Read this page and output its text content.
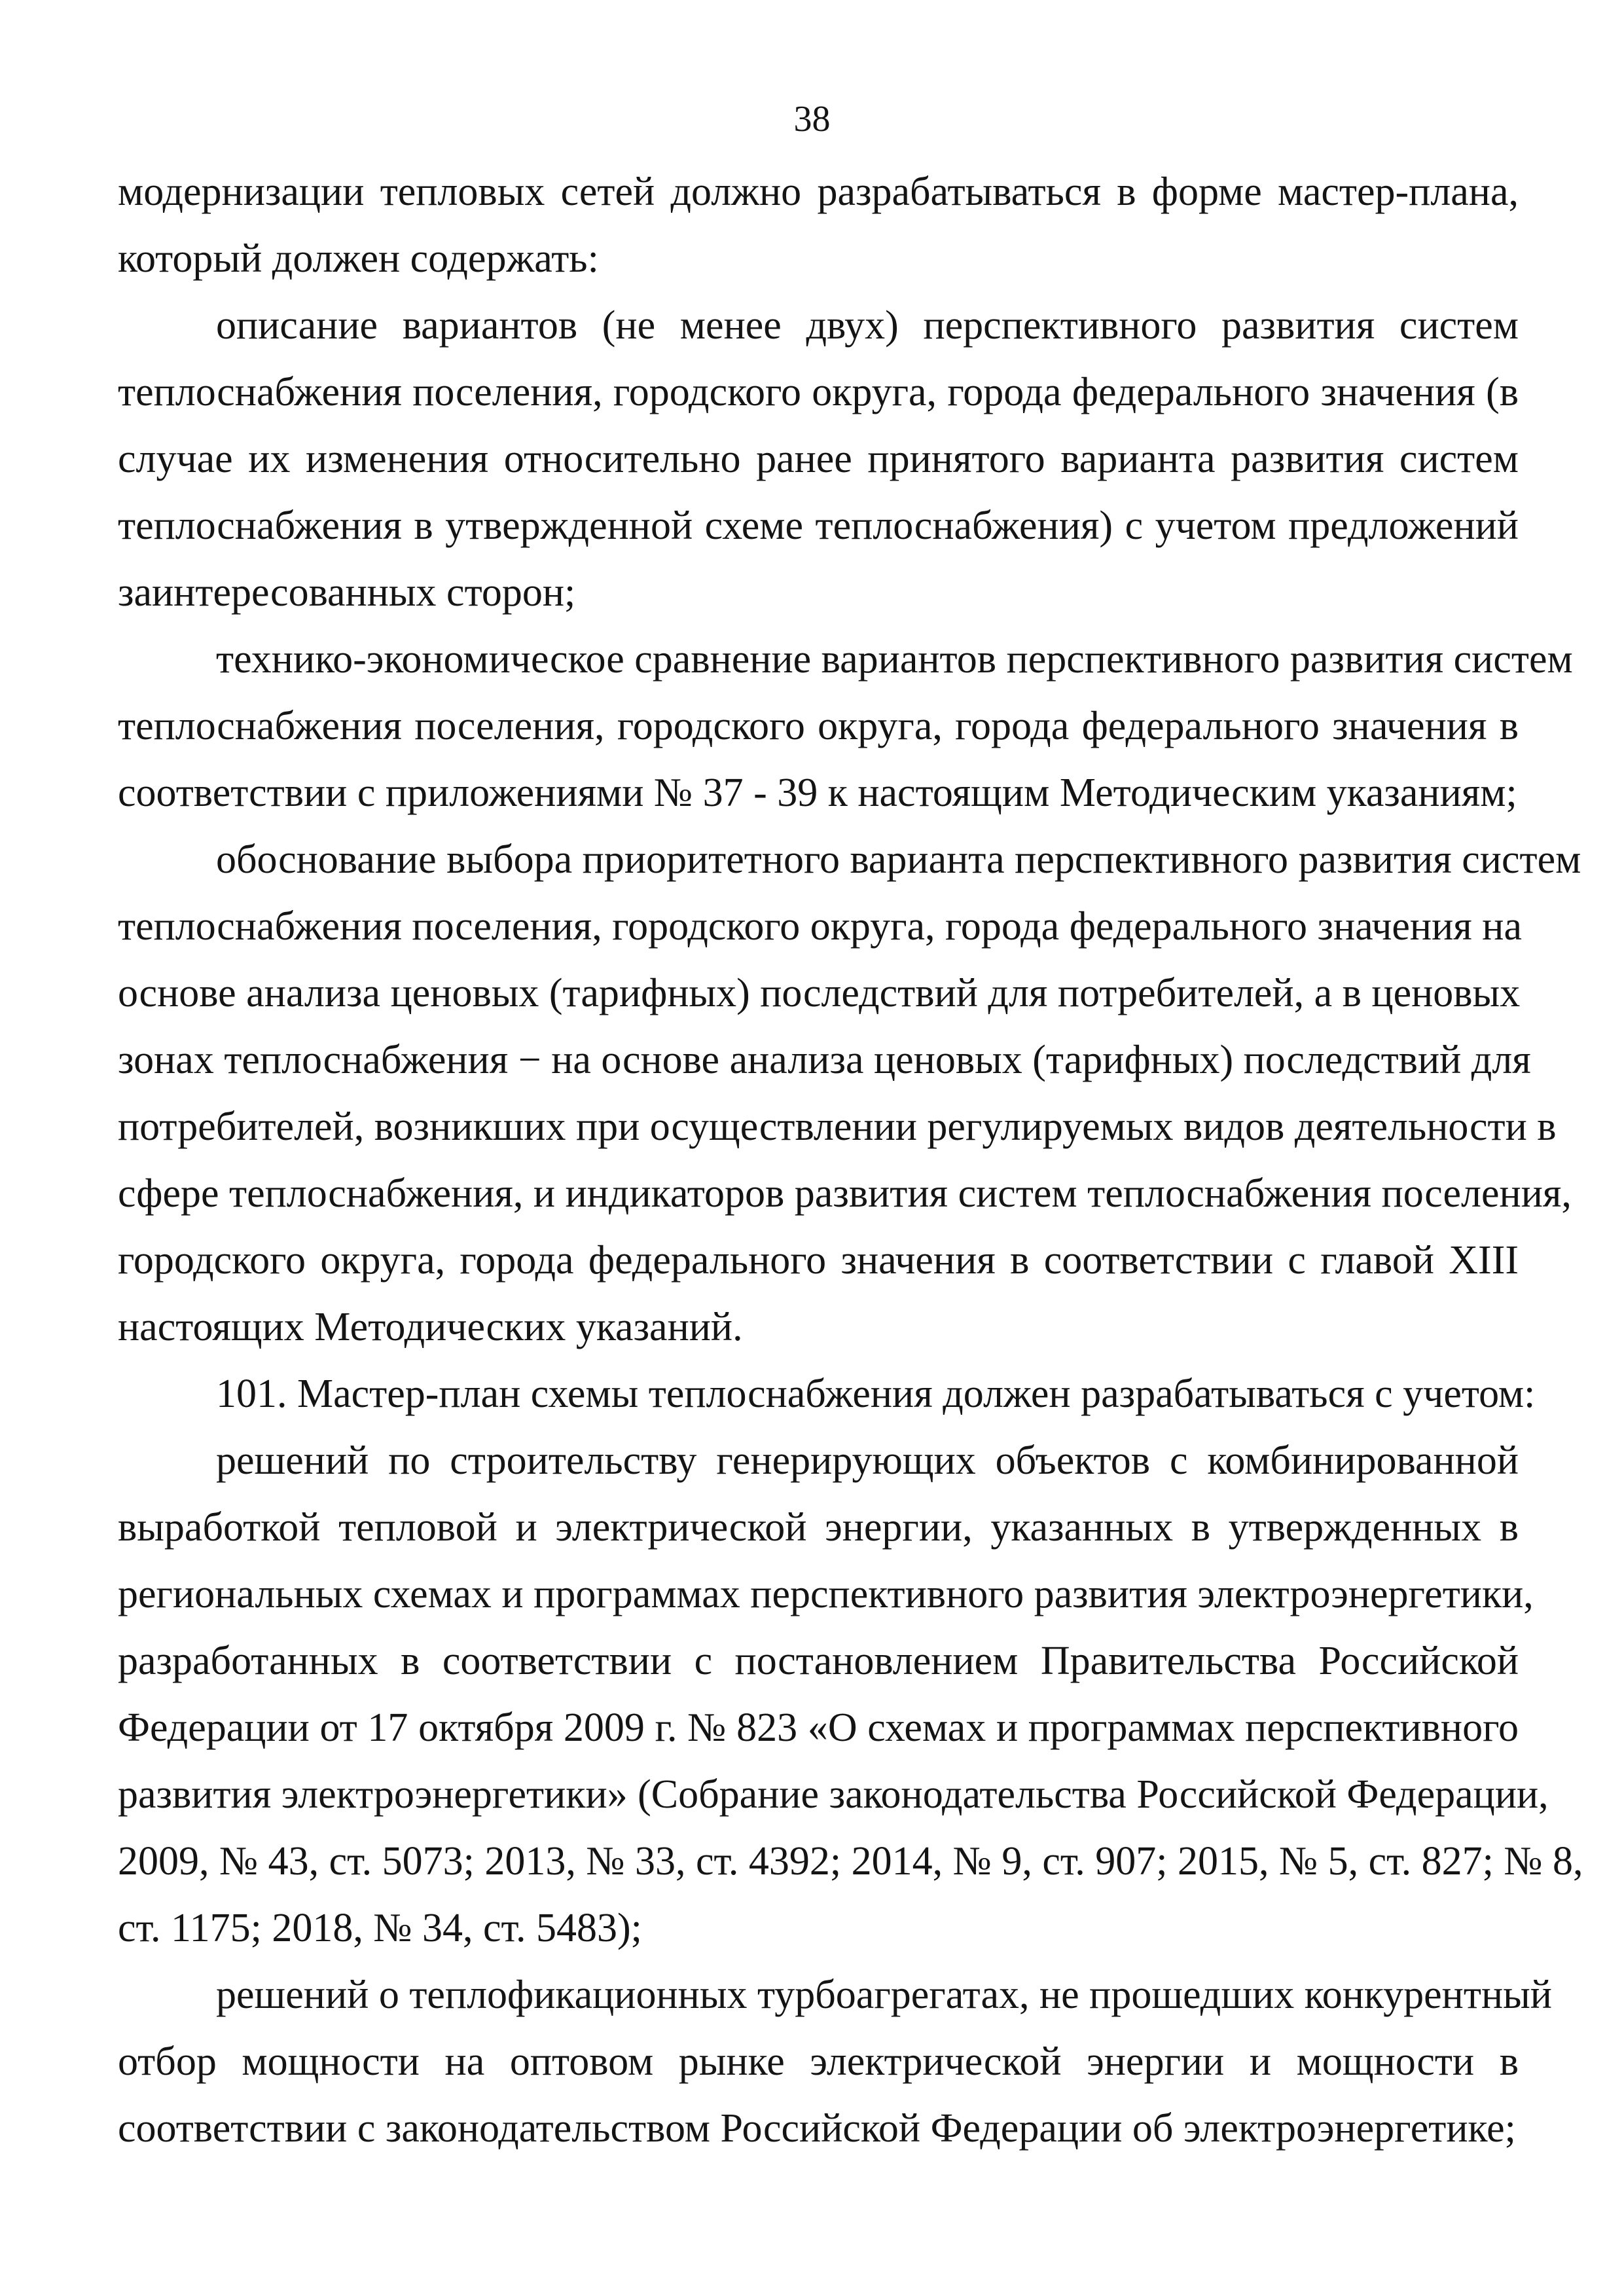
38
модернизации тепловых сетей должно разрабатываться в форме мастер-плана,
который должен содержать:
описание вариантов (не менее двух) перспективного развития систем
теплоснабжения поселения, городского округа, города федерального значения (в
случае их изменения относительно ранее принятого варианта развития систем
теплоснабжения в утвержденной схеме теплоснабжения) с учетом предложений
заинтересованных сторон;
технико-экономическое сравнение вариантов перспективного развития систем
теплоснабжения поселения, городского округа, города федерального значения в
соответствии с приложениями № 37 - 39 к настоящим Методическим указаниям;
обоснование выбора приоритетного варианта перспективного развития систем
теплоснабжения поселения, городского округа, города федерального значения на
основе анализа ценовых (тарифных) последствий для потребителей, а в ценовых
зонах теплоснабжения − на основе анализа ценовых (тарифных) последствий для
потребителей, возникших при осуществлении регулируемых видов деятельности в
сфере теплоснабжения, и индикаторов развития систем теплоснабжения поселения,
городского округа, города федерального значения в соответствии с главой XIII
настоящих Методических указаний.
101. Мастер-план схемы теплоснабжения должен разрабатываться с учетом:
решений по строительству генерирующих объектов с комбинированной
выработкой тепловой и электрической энергии, указанных в утвержденных в
региональных схемах и программах перспективного развития электроэнергетики,
разработанных в соответствии с постановлением Правительства Российской
Федерации от 17 октября 2009 г. № 823 «О схемах и программах перспективного
развития электроэнергетики» (Собрание законодательства Российской Федерации,
2009, № 43, ст. 5073; 2013, № 33, ст. 4392; 2014, № 9, ст. 907; 2015, № 5, ст. 827; № 8,
ст. 1175; 2018, № 34, ст. 5483);
решений о теплофикационных турбоагрегатах, не прошедших конкурентный
отбор мощности на оптовом рынке электрической энергии и мощности в
соответствии с законодательством Российской Федерации об электроэнергетике;
